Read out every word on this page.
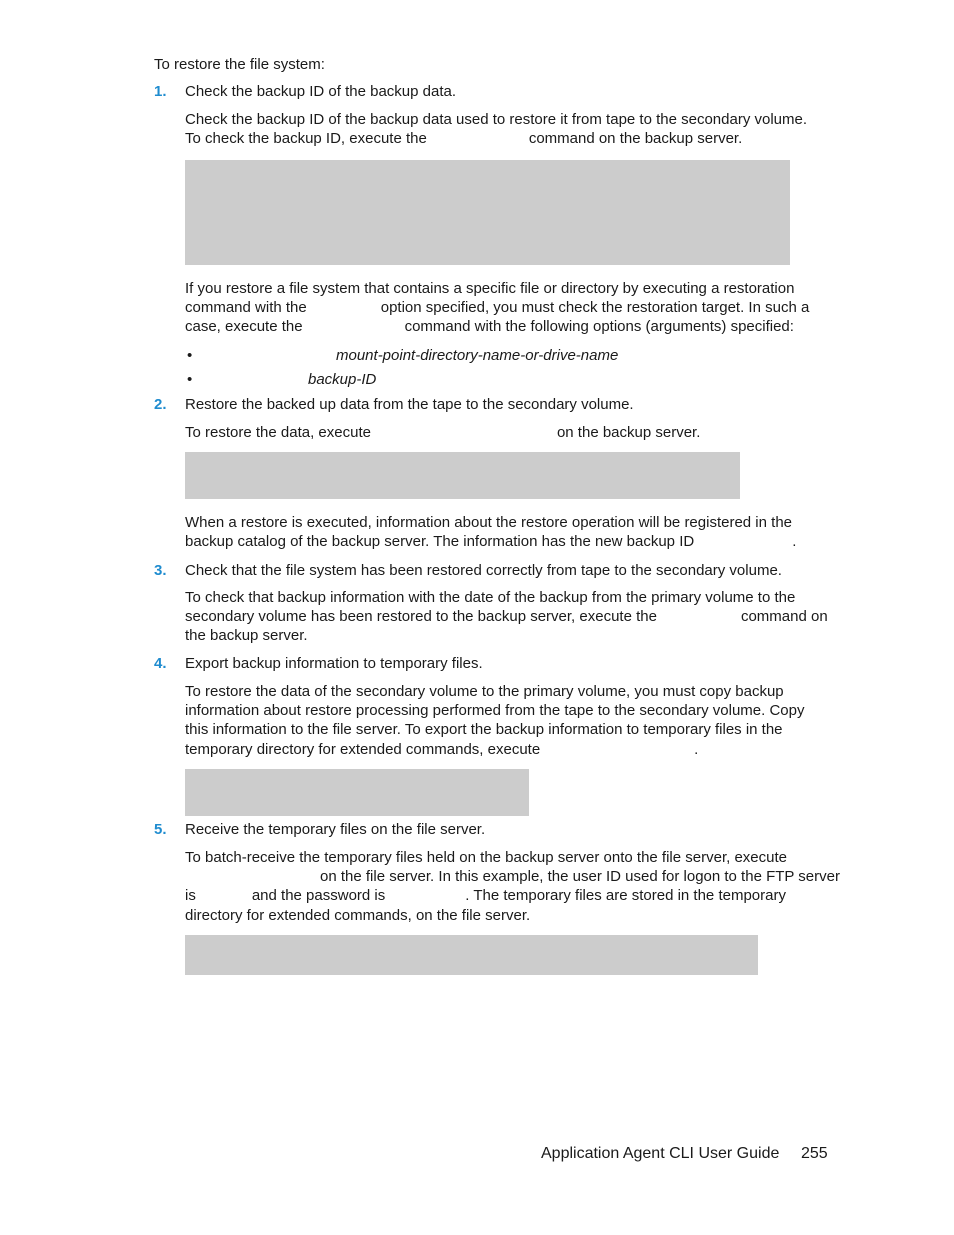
To restore the file system:
1. Check the backup ID of the backup data.
Check the backup ID of the backup data used to restore it from tape to the secondary volume.
To check the backup ID, execute the	command on the backup server.
If you restore a file system that contains a specific file or directory by executing a restoration
command with the	option specified, you must check the restoration target. In such a
case, execute the	command with the following options (arguments) specified:
•	mount-point-directory-name-or-drive-name
•	backup-ID
2. Restore the backed up data from the tape to the secondary volume.
To restore the data, execute	on the backup server.
When a restore is executed, information about the restore operation will be registered in the
backup catalog of the backup server. The information has the new backup ID	.
3. Check that the file system has been restored correctly from tape to the secondary volume.
To check that backup information with the date of the backup from the primary volume to the
secondary volume has been restored to the backup server, execute the	command on
the backup server.
4. Export backup information to temporary files.
To restore the data of the secondary volume to the primary volume, you must copy backup
information about restore processing performed from the tape to the secondary volume. Copy
this information to the file server. To export the backup information to temporary files in the
temporary directory for extended commands, execute	.
5. Receive the temporary files on the file server.
To batch-receive the temporary files held on the backup server onto the file server, execute
on the file server. In this example, the user ID used for logon to the FTP server
is	and the password is	. The temporary files are stored in the temporary
directory for extended commands, on the file server.
Application Agent CLI User Guide 255
